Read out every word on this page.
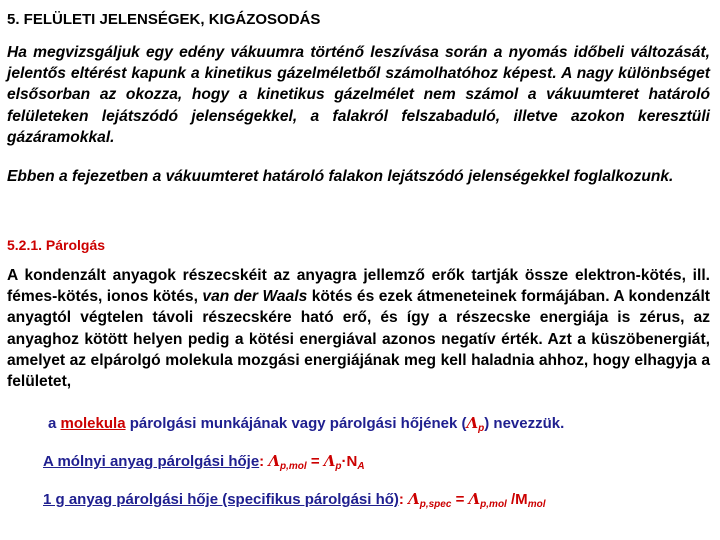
5. FELÜLETI JELENSÉGEK, KIGÁZOSODÁS
Ha megvizsgáljuk egy edény vákuumra történő leszívása során a nyomás időbeli változását, jelentős eltérést kapunk a kinetikus gázelméletből számolhatóhoz képest. A nagy különbséget elsősorban az okozza, hogy a kinetikus gázelmélet nem számol a vákuumteret határoló felületeken lejátszódó jelenségekkel, a falakról felszabaduló, illetve azokon keresztüli gázáramokkal.
Ebben a fejezetben a vákuumteret határoló falakon lejátszódó jelenségekkel foglalkozunk.
5.2.1. Párolgás
A kondenzált anyagok részecskéit az anyagra jellemző erők tartják össze elektron-kötés, ill. fémes-kötés, ionos kötés, van der Waals kötés és ezek átmeneteinek formájában. A kondenzált anyagtól végtelen távoli részecskére ható erő, és így a részecske energiája is zérus, az anyaghoz kötött helyen pedig a kötési energiával azonos negatív érték. Azt a küszöbenergiát, amelyet az elpárolgó molekula mozgási energiájának meg kell haladnia ahhoz, hogy elhagyja a felületet,
a molekula párolgási munkájának vagy párolgási hőjének $(\Lambda_p)$ nevezzük.
A mólnyi anyag párolgási hője: $\Lambda_{p,mol} = \Lambda_p\cdot N_A$
1 g anyag párolgási hője (specifikus párolgási hő): $\Lambda_{p,spec} = \Lambda_{p,mol}$ $/M_{mol}$
